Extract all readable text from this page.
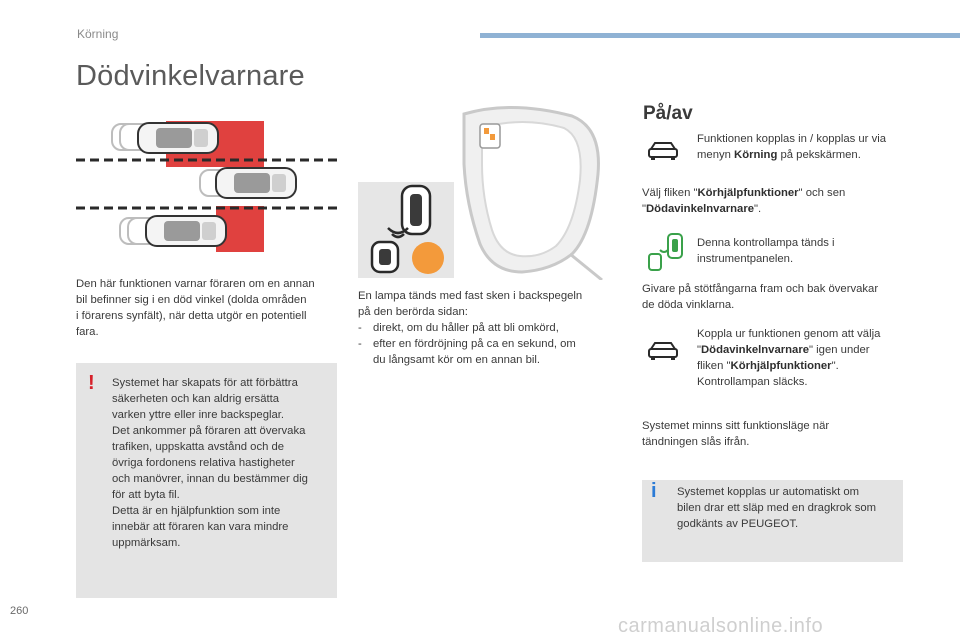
Körning
Dödvinkelvarnare
Den här funktionen varnar föraren om en annan
bil befinner sig i en död vinkel (dolda områden
i förarens synfält), när detta utgör en potentiell
fara.
! Systemet har skapats för att förbättra
säkerheten och kan aldrig ersätta
varken yttre eller inre backspeglar.
Det ankommer på föraren att övervaka
trafiken, uppskatta avstånd och de
övriga fordonens relativa hastigheter
och manövrer, innan du bestämmer dig
för att byta fil.
Detta är en hjälpfunktion som inte
innebär att föraren kan vara mindre
uppmärksam.
En lampa tänds med fast sken i backspegeln
på den berörda sidan:
- direkt, om du håller på att bli omkörd,
- efter en fördröjning på ca en sekund, om
du långsamt kör om en annan bil.
På/av
Funktionen kopplas in / kopplas ur via
menyn Körning på pekskärmen.
Välj fliken "Körhjälpfunktioner" och sen
"Dödavinkelnvarnare".
Denna kontrollampa tänds i
instrumentpanelen.
Givare på stötfångarna fram och bak övervakar
de döda vinklarna.
Koppla ur funktionen genom att välja
"Dödavinkelnvarnare" igen under
fliken "Körhjälpfunktioner".
Kontrollampan släcks.
Systemet minns sitt funktionsläge när
tändningen slås ifrån.
i Systemet kopplas ur automatiskt om
bilen drar ett släp med en dragkrok som
godkänts av PEUGEOT.
260
carmanualsonline.info
